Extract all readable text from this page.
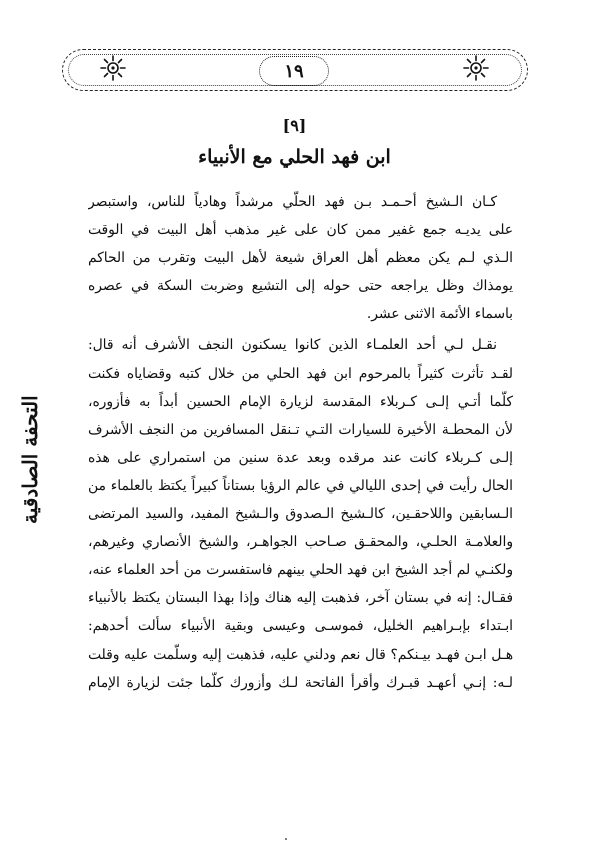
١٩
[٩]
ابن فهد الحلي مع الأنبياء
كـان الـشيخ أحـمـد بـن فهد الحلّي مرشداً وهادياً للناس، واستبصر
على يديـه جمع غفير ممن كان على غير مذهب أهل البيت في الوقت
الـذي لـم يكن معظم أهل العراق شيعة لأهل البيت وتقرب من الحاكم
يومذاك وظل يراجعه حتى حوله إلى التشيع وضربت السكة في عصره
باسماء الأئمة الاثنى عشر.
نقـل لـي أحد العلمـاء الذين كانوا يسكنون النجف الأشرف أنه قال:
لقـد تأثرت كثيراً بالمرحوم ابن فهد الحلي من خلال كتبه وقضاياه فكنت
كلّما أتـي إلـى كـربلاء المقدسة لزيارة الإمام الحسين أبداً به فأزوره،
لأن المحطـة الأخيرة للسيارات التـي تـنقل المسافرين من النجف الأشرف
إلـى كـربلاء كانت عند مرقده وبعد عدة سنين من استمراري على هذه
الحال رأيت في إحدى الليالي في عالم الرؤيا بستاناً كبيراً يكتظ بالعلماء من
الـسابقين واللاحقـين، كالـشيخ الـصدوق والـشيخ المفيد، والسيد المرتضى
والعلامـة الحلـي، والمحقـق صـاحب الجواهـر، والشيخ الأنصاري وغيرهم،
ولكنـي لم أجد الشيخ ابن فهد الحلي بينهم فاستفسرت من أحد العلماء عنه،
فقـال: إنه في بستان آخر، فذهبت إليه هناك وإذا بهذا البستان يكتظ بالأنبياء
ابـتداء بإبـراهيم الخليل، فموسـى وعيسى وبقية الأنبياء سألت أحدهم:
هـل ابـن فهـد بيـنكم؟ قال نعم ودلني عليه، فذهبت إليه وسلّمت عليه وقلت
لـه: إنـي أعهـد قبـرك وأقرأ الفاتحة لـك وأزورك كلّما جئت لزيارة الإمام
التحفة الصادقية
